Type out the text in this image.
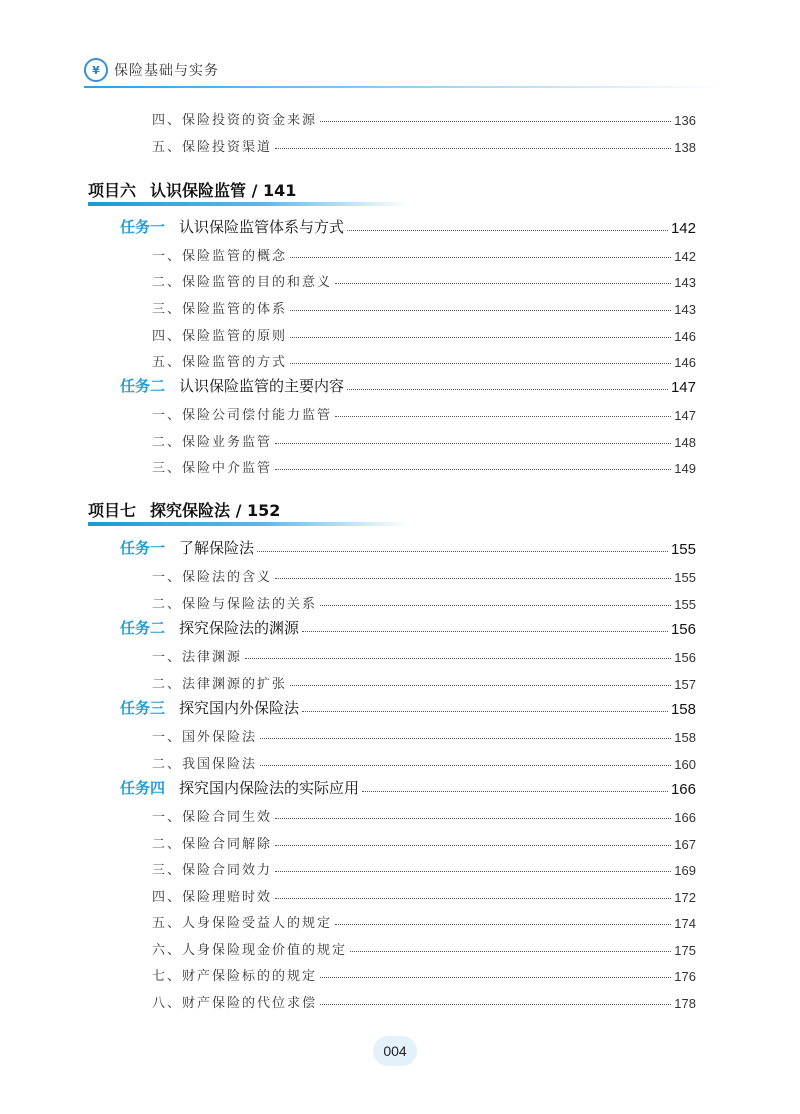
¥	保险基础与实务
四、保险投资的资金来源	136
五、保险投资渠道	138
项目六 认识保险监管 / 141
任务一 认识保险监管体系与方式	142
一、保险监管的概念	142
二、保险监管的目的和意义	143
三、保险监管的体系	143
四、保险监管的原则	146
五、保险监管的方式	146
任务二 认识保险监管的主要内容	147
一、保险公司偿付能力监管	147
二、保险业务监管	148
三、保险中介监管	149
项目七 探究保险法 / 152
任务一 了解保险法	155
一、保险法的含义	155
二、保险与保险法的关系	155
任务二 探究保险法的渊源	156
一、法律渊源	156
二、法律渊源的扩张	157
任务三 探究国内外保险法	158
一、国外保险法	158
二、我国保险法	160
任务四 探究国内保险法的实际应用	166
一、保险合同生效	166
二、保险合同解除	167
三、保险合同效力	169
四、保险理赔时效	172
五、人身保险受益人的规定	174
六、人身保险现金价值的规定	175
七、财产保险标的的规定	176
八、财产保险的代位求偿	178
004
